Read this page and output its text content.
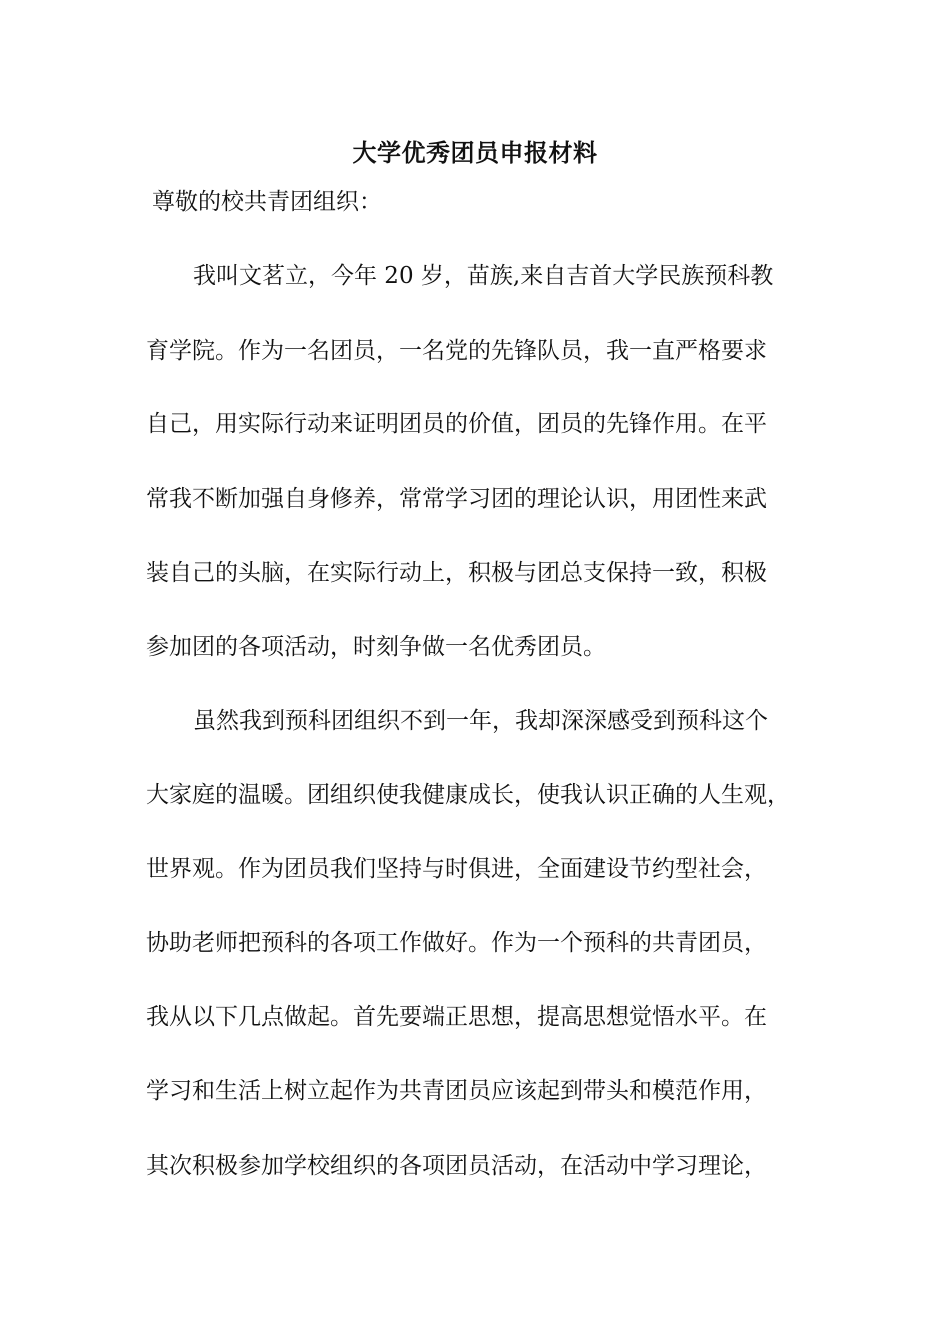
大学优秀团员申报材料
尊敬的校共青团组织：
我叫文茗立，今年 20 岁，苗族,来自吉首大学民族预科教
育学院。作为一名团员，一名党的先锋队员，我一直严格要求
自己，用实际行动来证明团员的价值，团员的先锋作用。在平
常我不断加强自身修养，常常学习团的理论认识，用团性来武
装自己的头脑，在实际行动上，积极与团总支保持一致，积极
参加团的各项活动，时刻争做一名优秀团员。
虽然我到预科团组织不到一年，我却深深感受到预科这个
大家庭的温暖。团组织使我健康成长，使我认识正确的人生观，
世界观。作为团员我们坚持与时俱进，全面建设节约型社会，
协助老师把预科的各项工作做好。作为一个预科的共青团员，
我从以下几点做起。首先要端正思想，提高思想觉悟水平。在
学习和生活上树立起作为共青团员应该起到带头和模范作用，
其次积极参加学校组织的各项团员活动，在活动中学习理论，
